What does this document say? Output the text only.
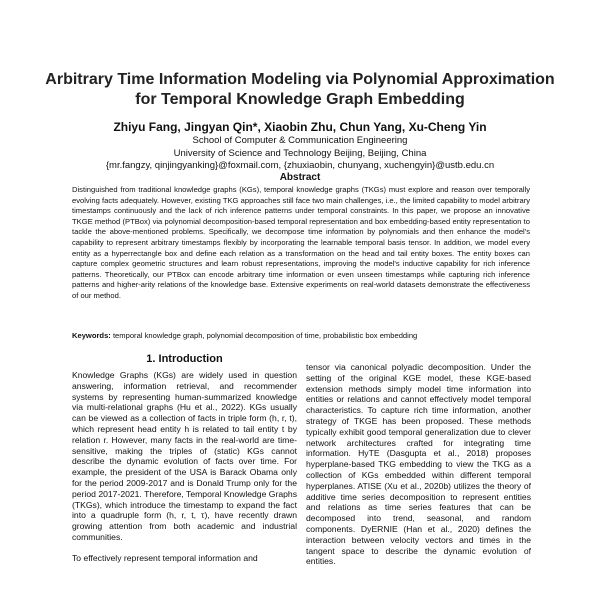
Arbitrary Time Information Modeling via Polynomial Approximation
for Temporal Knowledge Graph Embedding
Zhiyu Fang, Jingyan Qin*, Xiaobin Zhu, Chun Yang, Xu-Cheng Yin
School of Computer & Communication Engineering
University of Science and Technology Beijing, Beijing, China
{mr.fangzy, qinjingyanking}@foxmail.com, {zhuxiaobin, chunyang, xuchengyin}@ustb.edu.cn
Abstract
Distinguished from traditional knowledge graphs (KGs), temporal knowledge graphs (TKGs) must explore and reason over temporally evolving facts adequately. However, existing TKG approaches still face two main challenges, i.e., the limited capability to model arbitrary timestamps continuously and the lack of rich inference patterns under temporal constraints. In this paper, we propose an innovative TKGE method (PTBox) via polynomial decomposition-based temporal representation and box embedding-based entity representation to tackle the above-mentioned problems. Specifically, we decompose time information by polynomials and then enhance the model's capability to represent arbitrary timestamps flexibly by incorporating the learnable temporal basis tensor. In addition, we model every entity as a hyperrectangle box and define each relation as a transformation on the head and tail entity boxes. The entity boxes can capture complex geometric structures and learn robust representations, improving the model's inductive capability for rich inference patterns. Theoretically, our PTBox can encode arbitrary time information or even unseen timestamps while capturing rich inference patterns and higher-arity relations of the knowledge base. Extensive experiments on real-world datasets demonstrate the effectiveness of our method.
Keywords: temporal knowledge graph, polynomial decomposition of time, probabilistic box embedding
1. Introduction

Knowledge Graphs (KGs) are widely used in question answering, information retrieval, and recommender systems by representing human-summarized knowledge via multi-relational graphs (Hu et al., 2022). KGs usually can be viewed as a collection of facts in triple form (h, r, t), which represent head entity h is related to tail entity t by relation r. However, many facts in the real-world are time-sensitive, making the triples of (static) KGs cannot describe the dynamic evolution of facts over time. For example, the president of the USA is Barack Obama only for the period 2009-2017 and is Donald Trump only for the period 2017-2021. Therefore, Temporal Knowledge Graphs (TKGs), which introduce the timestamp to expand the fact into a quadruple form (h, r, t, τ), have recently drawn growing attention from both academic and industrial communities.

To effectively represent temporal information and

tensor via canonical polyadic decomposition. Under the setting of the original KGE model, these KGE-based extension methods simply model time information into entities or relations and cannot effectively model temporal characteristics. To capture rich time information, another strategy of TKGE has been proposed. These methods typically exhibit good temporal generalization due to clever network architectures crafted for integrating time information. HyTE (Dasgupta et al., 2018) proposes hyperplane-based TKG embedding to view the TKG as a collection of KGs embedded within different temporal hyperplanes. ATISE (Xu et al., 2020b) utilizes the theory of additive time series decomposition to represent entities and relations as time series features that can be decomposed into trend, seasonal, and random components. DyERNIE (Han et al., 2020) defines the interaction between velocity vectors and times in the tangent space to describe the dynamic evolution of entities.
